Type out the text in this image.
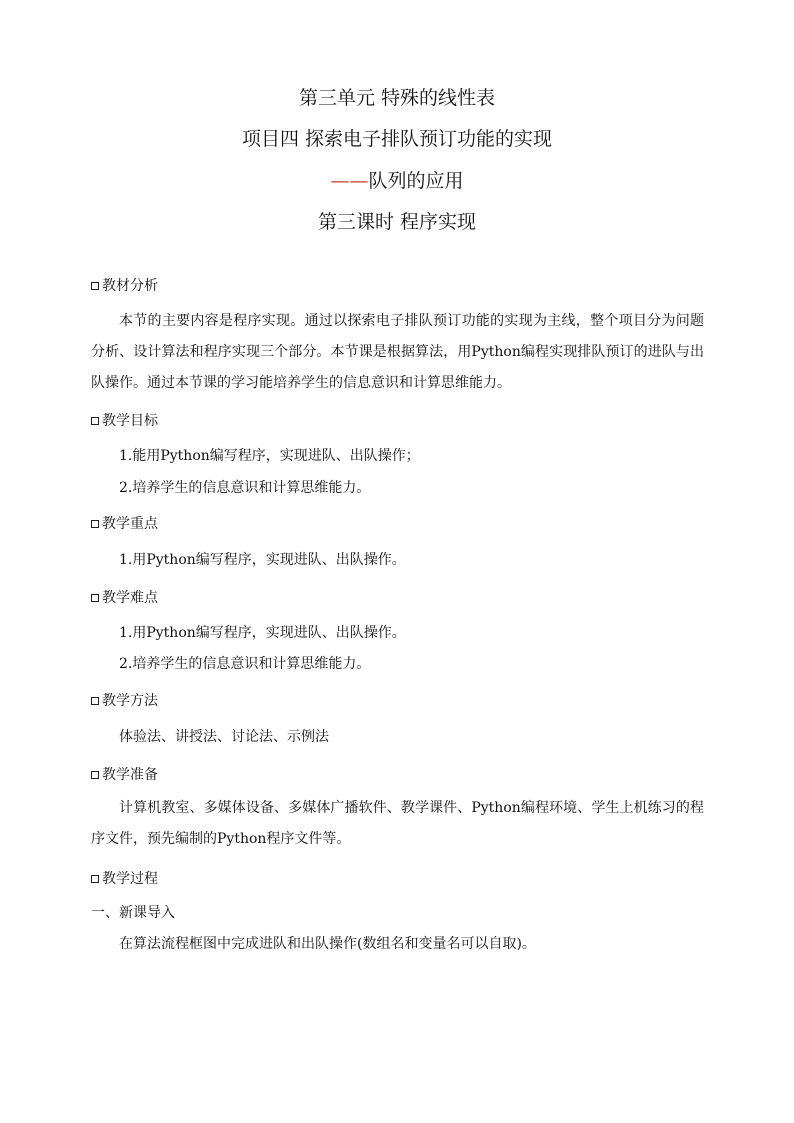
第三单元 特殊的线性表
项目四 探索电子排队预订功能的实现
——队列的应用
第三课时 程序实现
教材分析
本节的主要内容是程序实现。通过以探索电子排队预订功能的实现为主线，整个项目分为问题分析、设计算法和程序实现三个部分。本节课是根据算法，用Python编程实现排队预订的进队与出队操作。通过本节课的学习能培养学生的信息意识和计算思维能力。
教学目标
1.能用Python编写程序，实现进队、出队操作；
2.培养学生的信息意识和计算思维能力。
教学重点
1.用Python编写程序，实现进队、出队操作。
教学难点
1.用Python编写程序，实现进队、出队操作。
2.培养学生的信息意识和计算思维能力。
教学方法
体验法、讲授法、讨论法、示例法
教学准备
计算机教室、多媒体设备、多媒体广播软件、教学课件、Python编程环境、学生上机练习的程序文件，预先编制的Python程序文件等。
教学过程
一、新课导入
在算法流程框图中完成进队和出队操作(数组名和变量名可以自取)。
